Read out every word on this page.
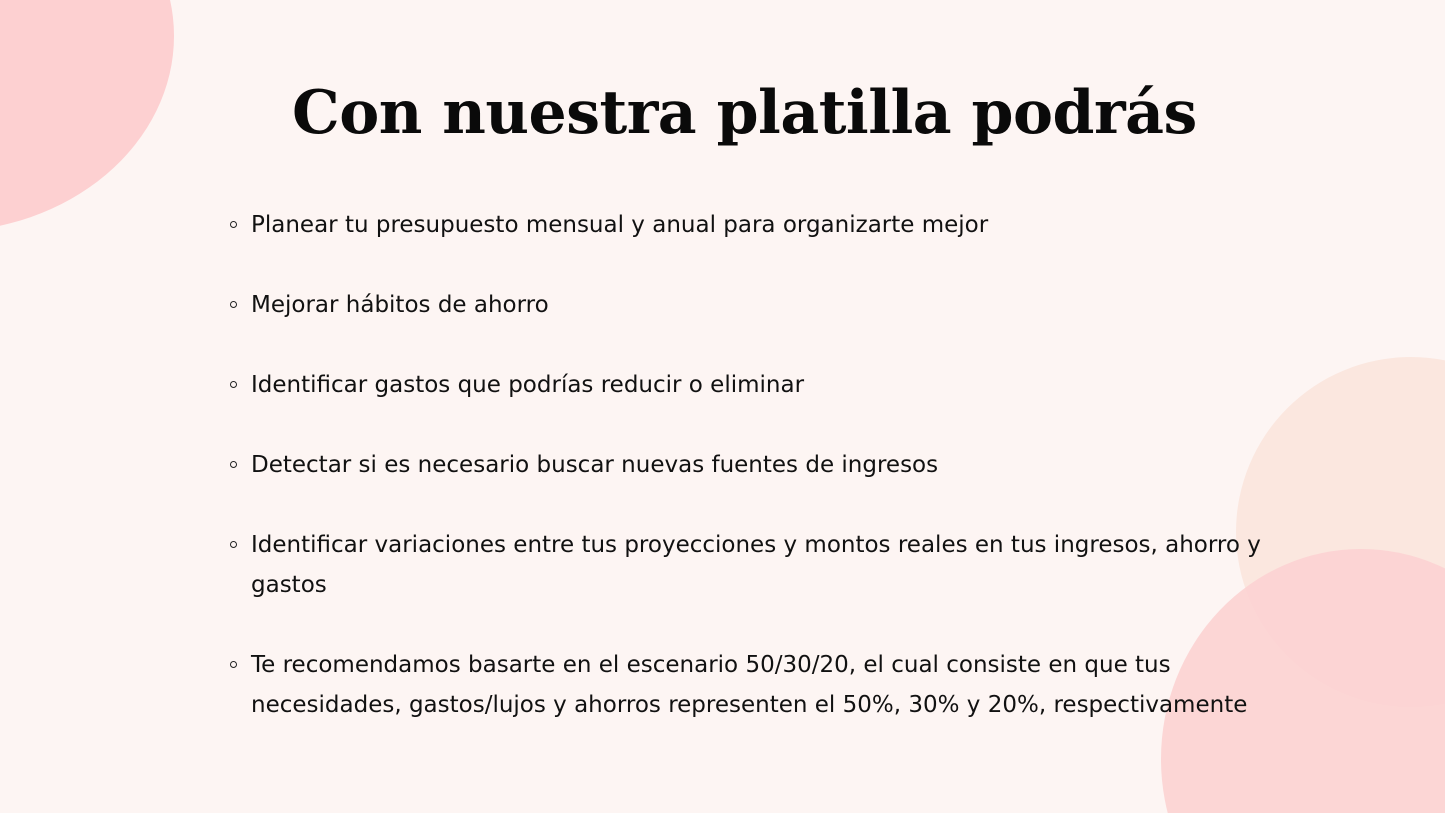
Con nuestra platilla podrás
Planear tu presupuesto mensual y anual para organizarte mejor
Mejorar hábitos de ahorro
Identificar gastos que podrías reducir o eliminar
Detectar si es necesario buscar nuevas fuentes de ingresos
Identificar variaciones entre tus proyecciones y montos reales en tus ingresos, ahorro y gastos
Te recomendamos basarte en el escenario 50/30/20, el cual consiste en que tus necesidades, gastos/lujos y ahorros representen el 50%, 30% y 20%, respectivamente
